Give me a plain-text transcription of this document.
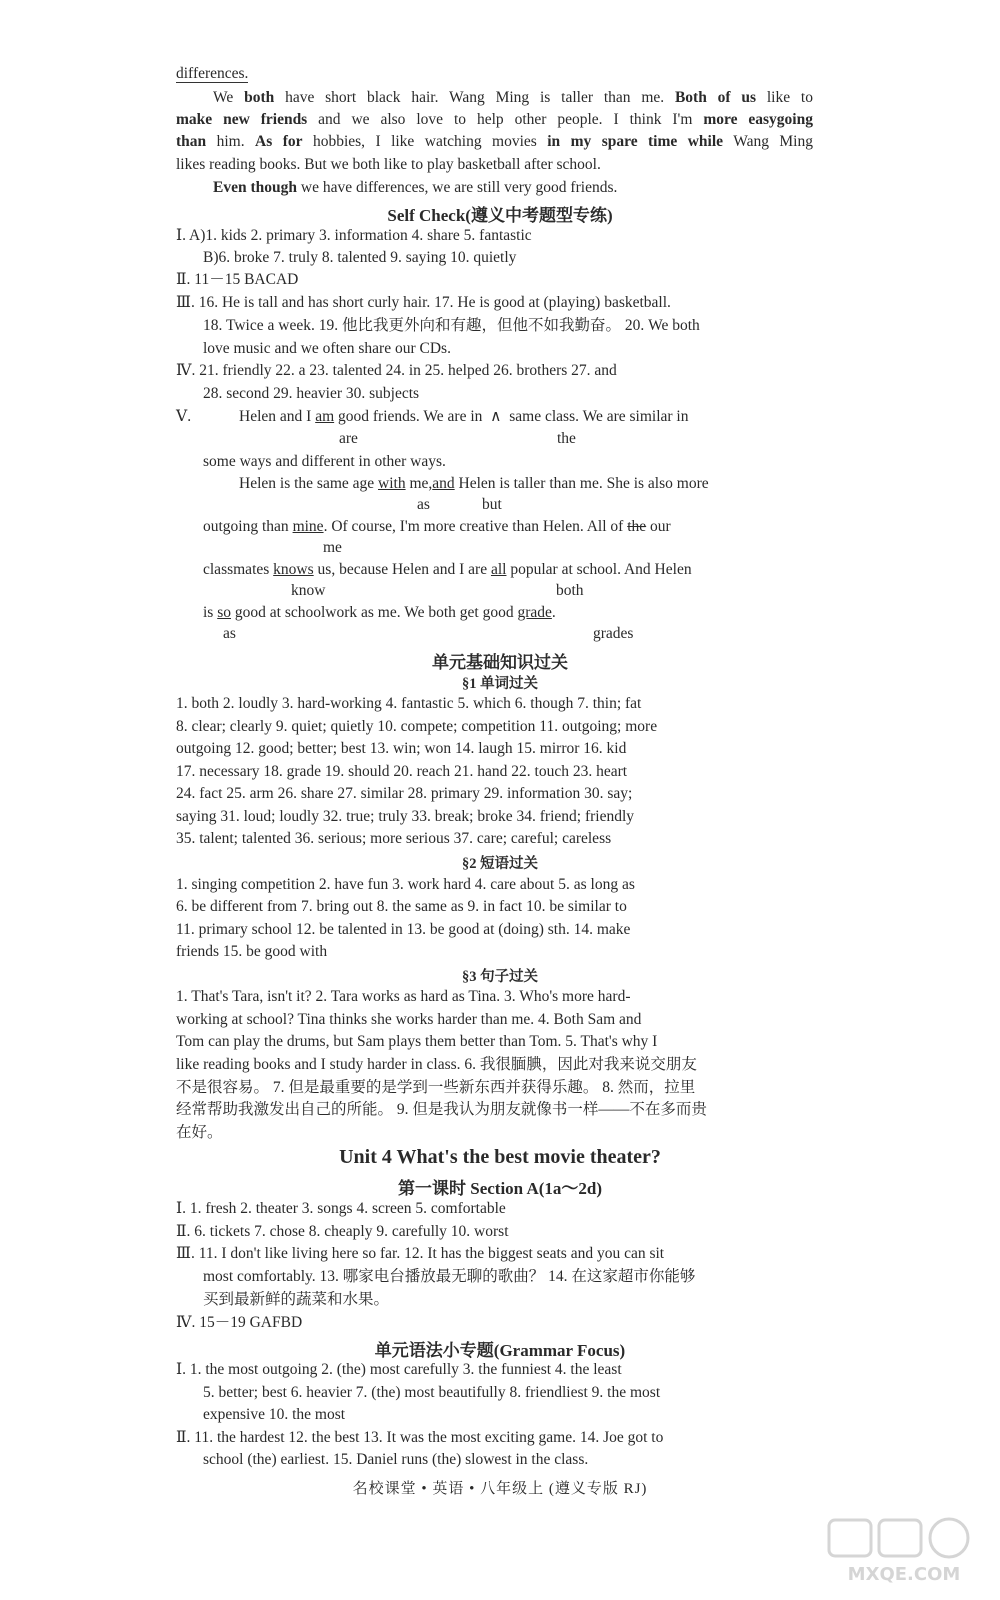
differences.
We both have short black hair. Wang Ming is taller than me. Both of us like to
make new friends and we also love to help other people. I think I'm more easygoing
than him. As for hobbies, I like watching movies in my spare time while Wang Ming
likes reading books. But we both like to play basketball after school.
Even though we have differences, we are still very good friends.
Self Check(遵义中考题型专练)
Ⅰ. A)1. kids 2. primary 3. information 4. share 5. fantastic
B)6. broke 7. truly 8. talented 9. saying 10. quietly
Ⅱ. 11－15 BACAD
Ⅲ. 16. He is tall and has short curly hair. 17. He is good at (playing) basketball.
18. Twice a week. 19. 他比我更外向和有趣，但他不如我勤奋。 20. We both
love music and we often share our CDs.
Ⅳ. 21. friendly 22. a 23. talented 24. in 25. helped 26. brothers 27. and
28. second 29. heavier 30. subjects
Ⅴ.	Helen and I am good friends. We are in ∧ same class. We are similar in
are	the
some ways and different in other ways.
Helen is the same age with me,and Helen is taller than me. She is also more
as	but
outgoing than mine. Of course, I'm more creative than Helen. All of the our
me
classmates knows us, because Helen and I are all popular at school. And Helen
know	both
is so good at schoolwork as me. We both get good grade.
as	grades
单元基础知识过关
§1 单词过关
1. both 2. loudly 3. hard-working 4. fantastic 5. which 6. though 7. thin; fat
8. clear; clearly 9. quiet; quietly 10. compete; competition 11. outgoing; more
outgoing 12. good; better; best 13. win; won 14. laugh 15. mirror 16. kid
17. necessary 18. grade 19. should 20. reach 21. hand 22. touch 23. heart
24. fact 25. arm 26. share 27. similar 28. primary 29. information 30. say;
saying 31. loud; loudly 32. true; truly 33. break; broke 34. friend; friendly
35. talent; talented 36. serious; more serious 37. care; careful; careless
§2 短语过关
1. singing competition 2. have fun 3. work hard 4. care about 5. as long as
6. be different from 7. bring out 8. the same as 9. in fact 10. be similar to
11. primary school 12. be talented in 13. be good at (doing) sth. 14. make
friends 15. be good with
§3 句子过关
1. That's Tara, isn't it? 2. Tara works as hard as Tina. 3. Who's more hard-
working at school? Tina thinks she works harder than me. 4. Both Sam and
Tom can play the drums, but Sam plays them better than Tom. 5. That's why I
like reading books and I study harder in class. 6. 我很腼腆，因此对我来说交朋友
不是很容易。 7. 但是最重要的是学到一些新东西并获得乐趣。 8. 然而，拉里
经常帮助我激发出自己的所能。 9. 但是我认为朋友就像书一样——不在多而贵
在好。
Unit 4 What's the best movie theater?
第一课时 Section A(1a～2d)
Ⅰ. 1. fresh 2. theater 3. songs 4. screen 5. comfortable
Ⅱ. 6. tickets 7. chose 8. cheaply 9. carefully 10. worst
Ⅲ. 11. I don't like living here so far. 12. It has the biggest seats and you can sit
most comfortably. 13. 哪家电台播放最无聊的歌曲？ 14. 在这家超市你能够
买到最新鲜的蔬菜和水果。
Ⅳ. 15－19 GAFBD
单元语法小专题(Grammar Focus)
Ⅰ. 1. the most outgoing 2. (the) most carefully 3. the funniest 4. the least
5. better; best 6. heavier 7. (the) most beautifully 8. friendliest 9. the most
expensive 10. the most
Ⅱ. 11. the hardest 12. the best 13. It was the most exciting game. 14. Joe got to
school (the) earliest. 15. Daniel runs (the) slowest in the class.
名校课堂 • 英语 • 八年级上 (遵义专版 RJ)
MXQE.COM
